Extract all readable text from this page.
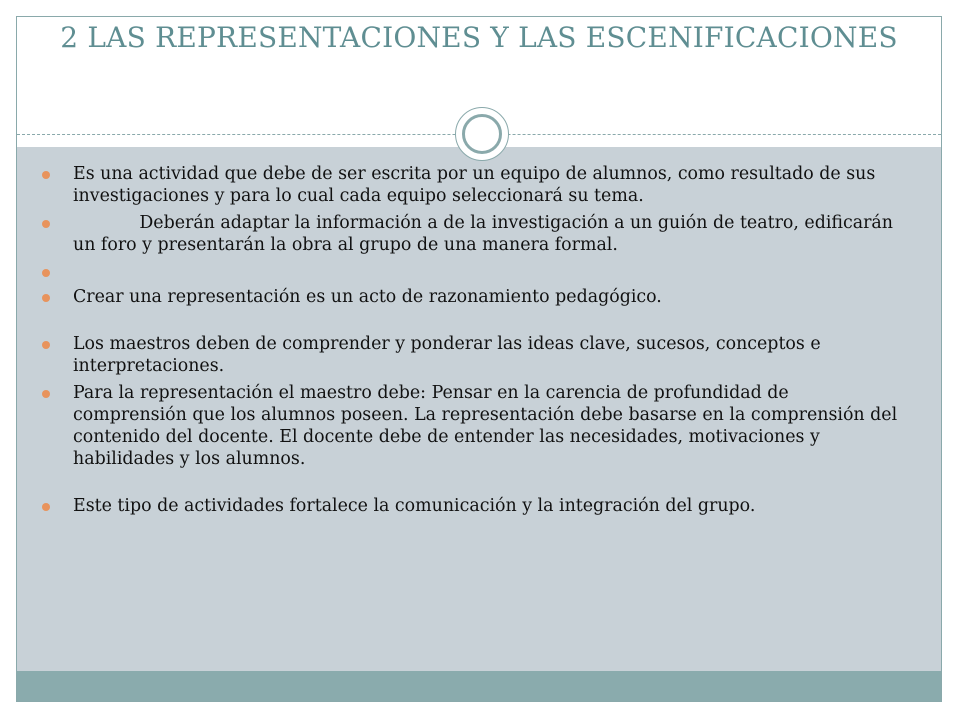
2 LAS REPRESENTACIONES Y LAS ESCENIFICACIONES
Es una actividad que debe de ser escrita por un equipo de alumnos, como resultado de sus investigaciones y para lo cual cada equipo seleccionará su tema.
Deberán adaptar la información a de la investigación a un guión de teatro, edificarán un foro y presentarán la obra al grupo de una manera formal.
Crear una representación es un acto de razonamiento pedagógico.
Los maestros deben de comprender y ponderar las ideas clave, sucesos, conceptos e interpretaciones.
Para la representación el maestro debe: Pensar en la carencia de profundidad de comprensión que los alumnos poseen. La representación debe basarse en la comprensión del contenido del docente. El docente debe de entender las necesidades, motivaciones y habilidades y los alumnos.
Este tipo de actividades fortalece la comunicación y la integración del grupo.
